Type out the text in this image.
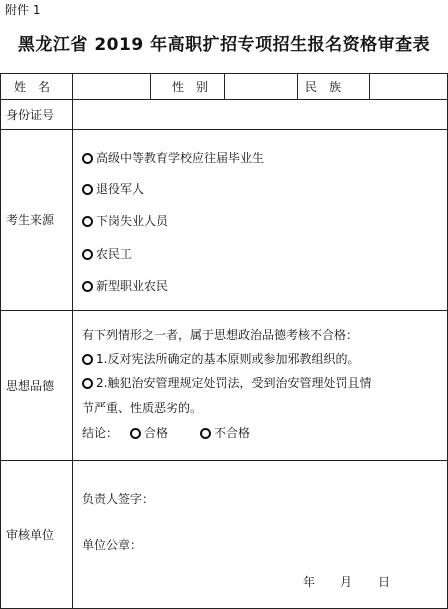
附件 1
黑龙江省 2019 年高职扩招专项招生报名资格审查表
姓名	性别	民族
身份证号
考生来源
高级中等教育学校应往届毕业生
退役军人
下岗失业人员
农民工
新型职业农民
思想品德
有下列情形之一者，属于思想政治品德考核不合格：
1.反对宪法所确定的基本原则或参加邪教组织的。
2.触犯治安管理规定处罚法，受到治安管理处罚且情
节严重、性质恶劣的。
结论：	合格	不合格
审核单位
负责人签字：
单位公章：
年 月 日
